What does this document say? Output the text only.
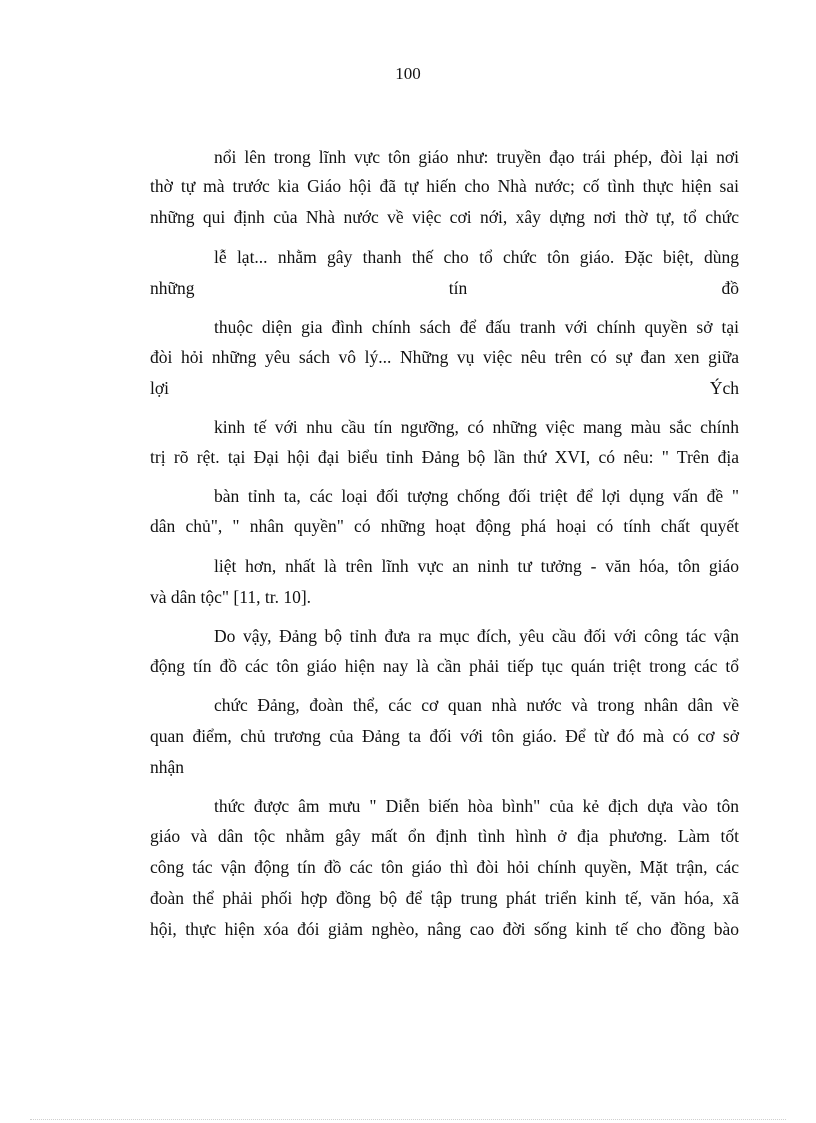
100
nổi lên trong lĩnh vực tôn giáo như: truyền đạo trái phép, đòi lại nơi
thờ tự mà trước kia Giáo hội đã tự hiến cho Nhà nước; cố tình thực hiện sai
những qui định của Nhà nước về việc cơi nới, xây dựng nơi thờ tự, tổ chức
lễ lạt... nhằm gây thanh thế cho tổ chức tôn giáo. Đặc biệt, dùng
những tín đồ
thuộc diện gia đình chính sách để đấu tranh với chính quyền sở tại
đòi hỏi những yêu sách vô lý... Những vụ việc nêu trên có sự đan xen giữa
lợi Ých
kinh tế với nhu cầu tín ngưỡng, có những việc mang màu sắc chính
trị rõ rệt. tại Đại hội đại biểu tỉnh Đảng bộ lần thứ XVI, có nêu: " Trên địa
bàn tỉnh ta, các loại đối tượng chống đối triệt để lợi dụng vấn đề "
dân chủ", " nhân quyền" có những hoạt động phá hoại có tính chất quyết
liệt hơn, nhất là trên lĩnh vực an ninh tư tưởng - văn hóa, tôn giáo
và dân tộc" [11, tr. 10].
Do vậy, Đảng bộ tỉnh đưa ra mục đích, yêu cầu đối với công tác vận
động tín đồ các tôn giáo hiện nay là cần phải tiếp tục quán triệt trong các tổ
chức Đảng, đoàn thể, các cơ quan nhà nước và trong nhân dân về
quan điểm, chủ trương của Đảng ta đối với tôn giáo. Để từ đó mà có cơ sở
nhận
thức được âm mưu " Diễn biến hòa bình" của kẻ địch dựa vào tôn
giáo và dân tộc nhằm gây mất ổn định tình hình ở địa phương. Làm tốt
công tác vận động tín đồ các tôn giáo thì đòi hỏi chính quyền, Mặt trận, các
đoàn thể phải phối hợp đồng bộ để tập trung phát triển kinh tế, văn hóa, xã
hội, thực hiện xóa đói giảm nghèo, nâng cao đời sống kinh tế cho đồng bào
